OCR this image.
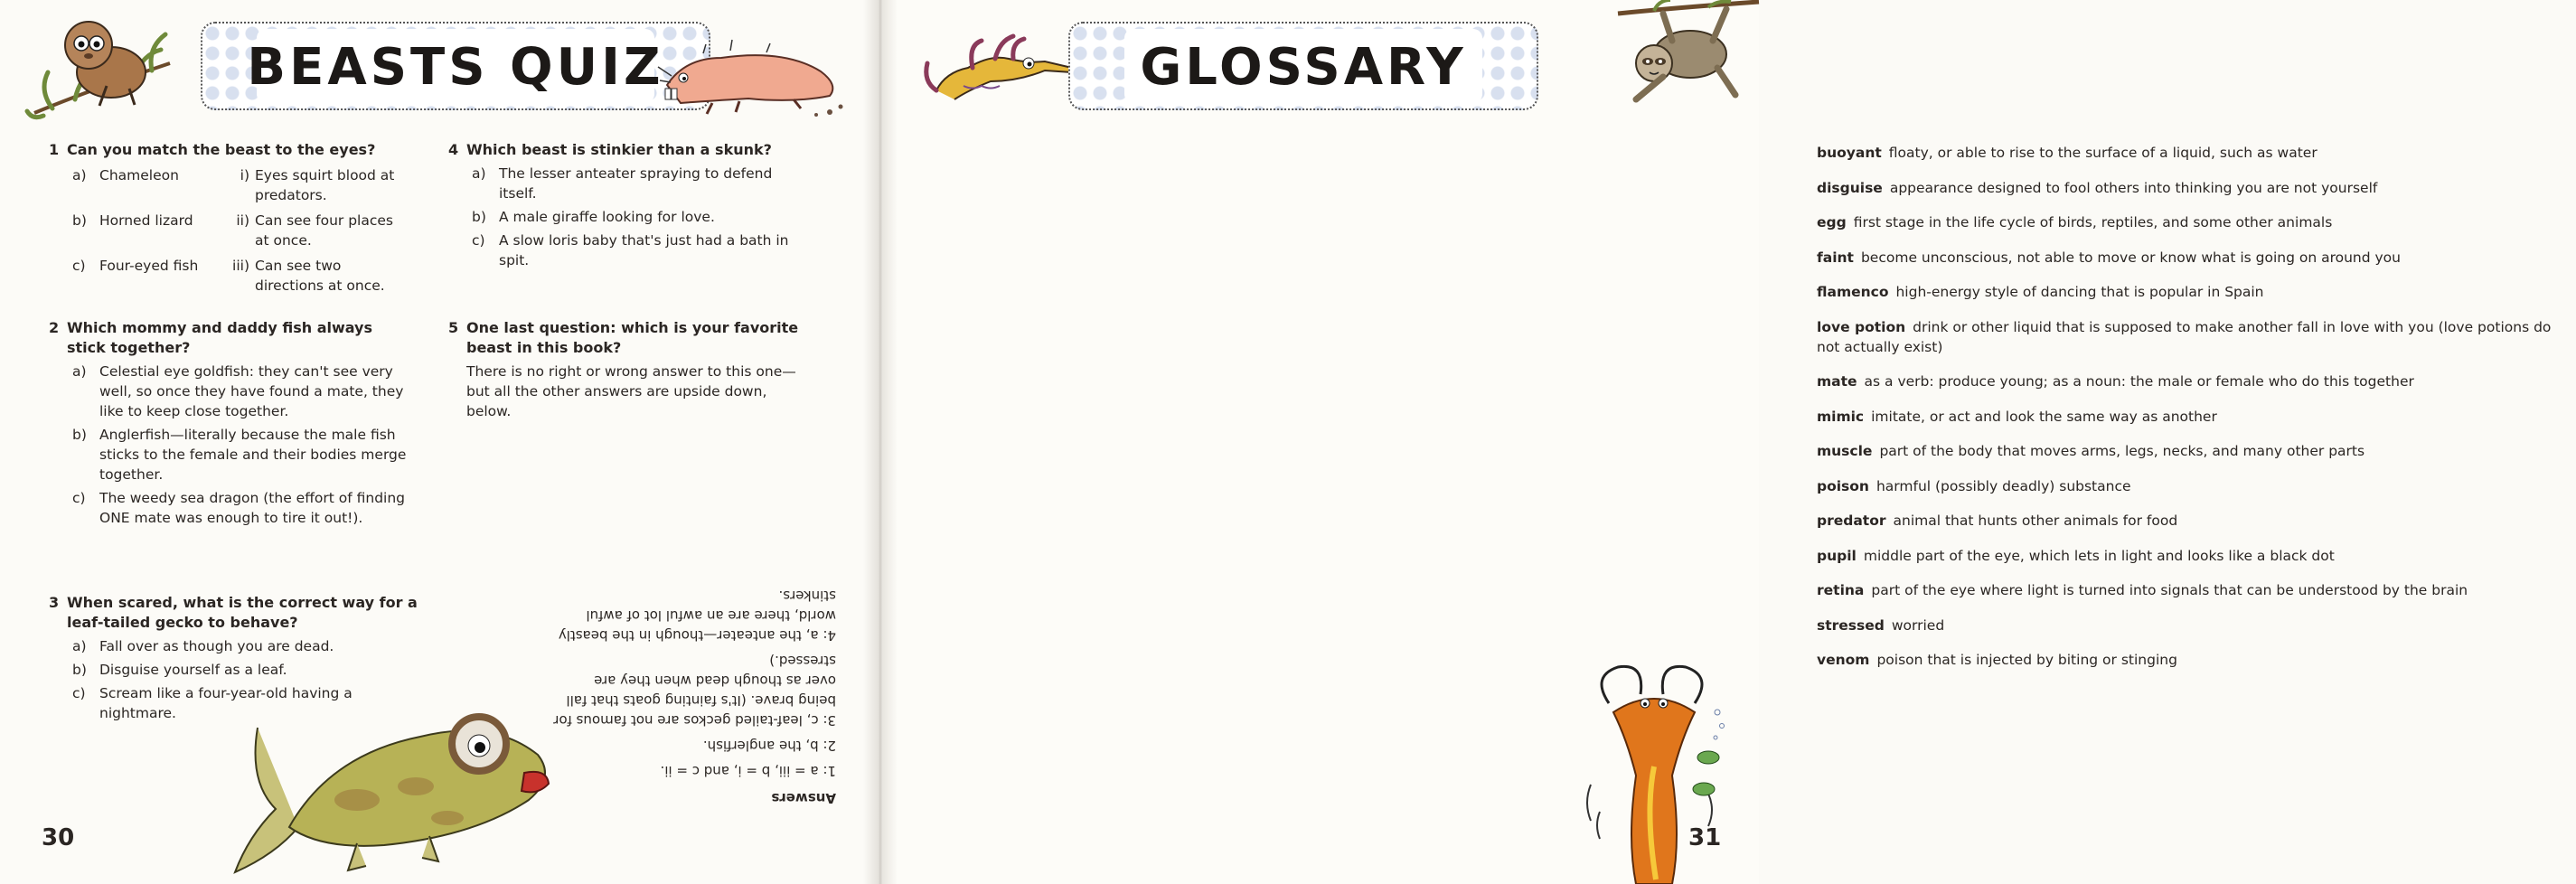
BEASTS QUIZ
1 Can you match the beast to the eyes?
a) Chameleon	i) Eyes squirt blood at predators.
b) Horned lizard	ii) Can see four places at once.
c) Four-eyed fish	iii) Can see two directions at once.
2 Which mommy and daddy fish always stick together?
a) Celestial eye goldfish: they can't see very well, so once they have found a mate, they like to keep close together.
b) Anglerfish—literally because the male fish sticks to the female and their bodies merge together.
c) The weedy sea dragon (the effort of finding ONE mate was enough to tire it out!).
3 When scared, what is the correct way for a leaf-tailed gecko to behave?
a) Fall over as though you are dead.
b) Disguise yourself as a leaf.
c) Scream like a four-year-old having a nightmare.
4 Which beast is stinkier than a skunk?
a) The lesser anteater spraying to defend itself.
b) A male giraffe looking for love.
c) A slow loris baby that's just had a bath in spit.
5 One last question: which is your favorite beast in this book?
There is no right or wrong answer to this one—but all the other answers are upside down, below.
Answers

1: a = iii, b = i, and c = ii.

2: b, the anglerfish.

3: c, leaf-tailed geckos are not famous for being brave. (It's fainting goats that fall over as though dead when they are stressed.)

4: a, the anteater—though in the beastly world, there are an awful lot of awful stinkers.

30
GLOSSARY
buoyant floaty, or able to rise to the surface of a liquid, such as water
disguise appearance designed to fool others into thinking you are not yourself
egg first stage in the life cycle of birds, reptiles, and some other animals
faint become unconscious, not able to move or know what is going on around you
flamenco high-energy style of dancing that is popular in Spain
love potion drink or other liquid that is supposed to make another fall in love with you (love potions do not actually exist)
mate as a verb: produce young; as a noun: the male or female who do this together
mimic imitate, or act and look the same way as another
muscle part of the body that moves arms, legs, necks, and many other parts
poison harmful (possibly deadly) substance
predator animal that hunts other animals for food
pupil middle part of the eye, which lets in light and looks like a black dot
retina part of the eye where light is turned into signals that can be understood by the brain
stressed worried
venom poison that is injected by biting or stinging
31
